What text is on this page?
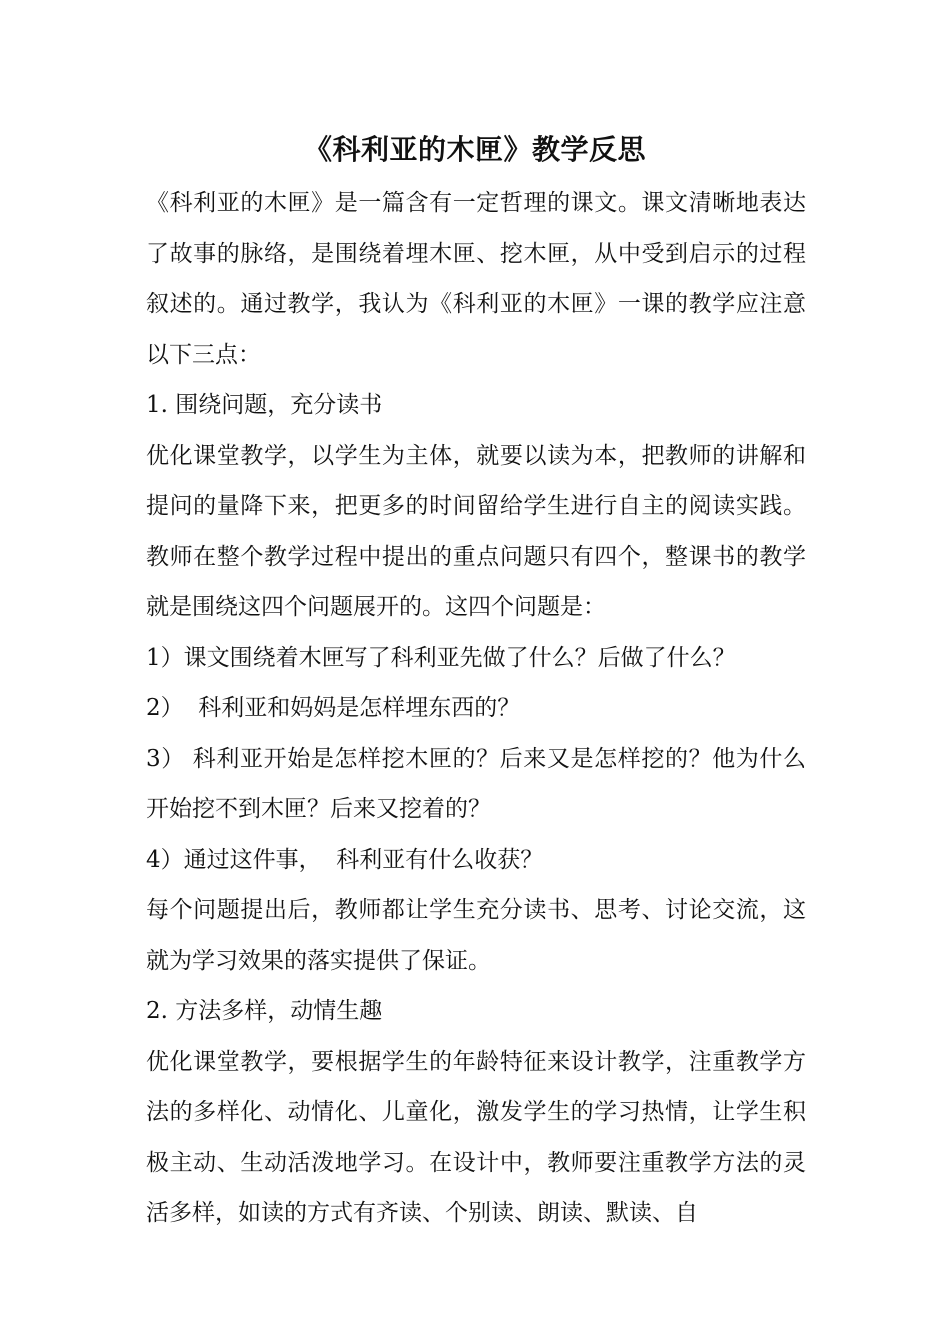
《科利亚的木匣》教学反思

《科利亚的木匣》是一篇含有一定哲理的课文。课文清晰地表达了故事的脉络，是围绕着埋木匣、挖木匣，从中受到启示的过程叙述的。通过教学，我认为《科利亚的木匣》一课的教学应注意以下三点：

1. 围绕问题，充分读书

优化课堂教学，以学生为主体，就要以读为本，把教师的讲解和提问的量降下来，把更多的时间留给学生进行自主的阅读实践。教师在整个教学过程中提出的重点问题只有四个，整课书的教学就是围绕这四个问题展开的。这四个问题是：

1）课文围绕着木匣写了科利亚先做了什么？后做了什么？

2）  科利亚和妈妈是怎样埋东西的？

3） 科利亚开始是怎样挖木匣的？后来又是怎样挖的？他为什么开始挖不到木匣？后来又挖着的？

4）通过这件事，  科利亚有什么收获？

每个问题提出后，教师都让学生充分读书、思考、讨论交流，这就为学习效果的落实提供了保证。

2. 方法多样，动情生趣

优化课堂教学，要根据学生的年龄特征来设计教学，注重教学方法的多样化、动情化、儿童化，激发学生的学习热情，让学生积极主动、生动活泼地学习。在设计中，教师要注重教学方法的灵活多样，如读的方式有齐读、个别读、朗读、默读、自
